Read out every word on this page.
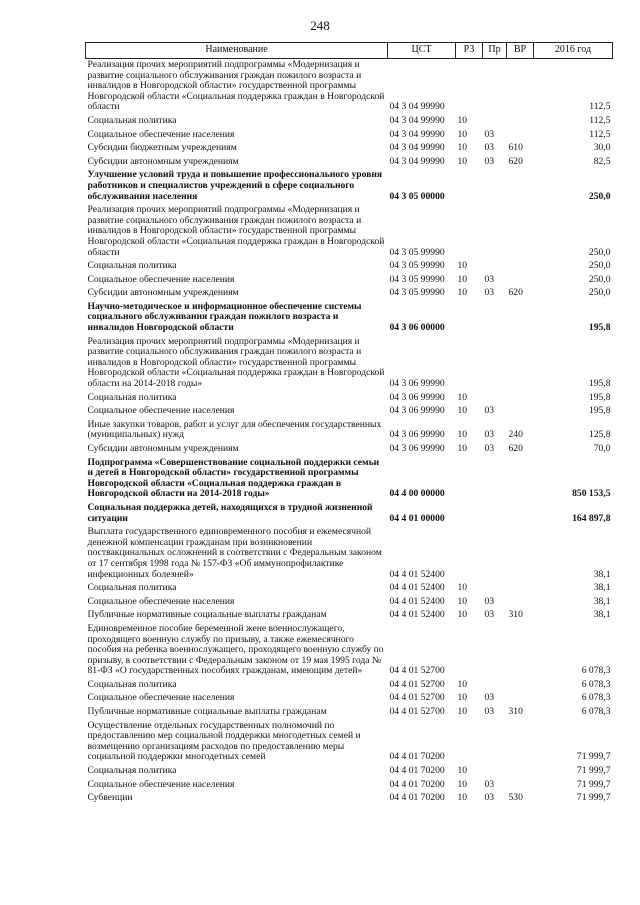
248
Наименование	ЦСТ	РЗ	Пр	ВР	2016 год
Реализация прочих мероприятий подпрограммы «Модернизация и развитие социального обслуживания граждан пожилого возраста и инвалидов в Новгородской области» государственной программы Новгородской области «Социальная поддержка граждан в Новгородской области	04 3 04 99990				112,5
Социальная политика	04 3 04 99990	10			112,5
Социальное обеспечение населения	04 3 04 99990	10	03		112,5
Субсидии бюджетным учреждениям	04 3 04 99990	10	03	610	30,0
Субсидии автономным учреждениям	04 3 04 99990	10	03	620	82,5
Улучшение условий труда и повышение профессионального уровня работников и специалистов учреждений в сфере социального обслуживания населения	04 3 05 00000				250,0
Реализация прочих мероприятий подпрограммы «Модернизация и развитие социального обслуживания граждан пожилого возраста и инвалидов в Новгородской области» государственной программы Новгородской области «Социальная поддержка граждан в Новгородской области	04 3 05 99990				250,0
Социальная политика	04 3 05 99990	10			250,0
Социальное обеспечение населения	04 3 05 99990	10	03		250,0
Субсидии автономным учреждениям	04 3 05 99990	10	03	620	250,0
Научно-методическое и информационное обеспечение системы социального обслуживания граждан пожилого возраста и инвалидов Новгородской области	04 3 06 00000				195,8
Реализация прочих мероприятий подпрограммы «Модернизация и развитие социального обслуживания граждан пожилого возраста и инвалидов в Новгородской области» государственной программы Новгородской области «Социальная поддержка граждан в Новгородской области на 2014-2018 годы»	04 3 06 99990				195,8
Социальная политика	04 3 06 99990	10			195,8
Социальное обеспечение населения	04 3 06 99990	10	03		195,8
Иные закупки товаров, работ и услуг для обеспечения государственных (муниципальных) нужд	04 3 06 99990	10	03	240	125,8
Субсидии автономным учреждениям	04 3 06 99990	10	03	620	70,0
Подпрограмма «Совершенствование социальной поддержки семьи и детей в Новгородской области» государственной программы Новгородской области «Социальная поддержка граждан в Новгородской области на 2014-2018 годы»	04 4 00 00000				850 153,5
Социальная поддержка детей, находящихся в трудной жизненной ситуации	04 4 01 00000				164 897,8
Выплата государственного единовременного пособия и ежемесячной денежной компенсации гражданам при возникновении поствакцинальных осложнений в соответствии с Федеральным законом от 17 сентября 1998 года № 157-ФЗ «Об иммунопрофилактике инфекционных болезней»	04 4 01 52400				38,1
Социальная политика	04 4 01 52400	10			38,1
Социальное обеспечение населения	04 4 01 52400	10	03		38,1
Публичные нормативные социальные выплаты гражданам	04 4 01 52400	10	03	310	38,1
Единовременное пособие беременной жене военнослужащего, проходящего военную службу по призыву, а также ежемесячного пособия на ребенка военнослужащего, проходящего военную службу по призыву, в соответствии с Федеральным законом от 19 мая 1995 года № 81-ФЗ «О государственных пособиях гражданам, имеющим детей»	04 4 01 52700				6 078,3
Социальная политика	04 4 01 52700	10			6 078,3
Социальное обеспечение населения	04 4 01 52700	10	03		6 078,3
Публичные нормативные социальные выплаты гражданам	04 4 01 52700	10	03	310	6 078,3
Осуществление отдельных государственных полномочий по предоставлению мер социальной поддержки многодетных семей и возмещению организациям расходов по предоставлению меры социальной поддержки многодетных семей	04 4 01 70200				71 999,7
Социальная политика	04 4 01 70200	10			71 999,7
Социальное обеспечение населения	04 4 01 70200	10	03		71 999,7
Субвенции	04 4 01 70200	10	03	530	71 999,7
